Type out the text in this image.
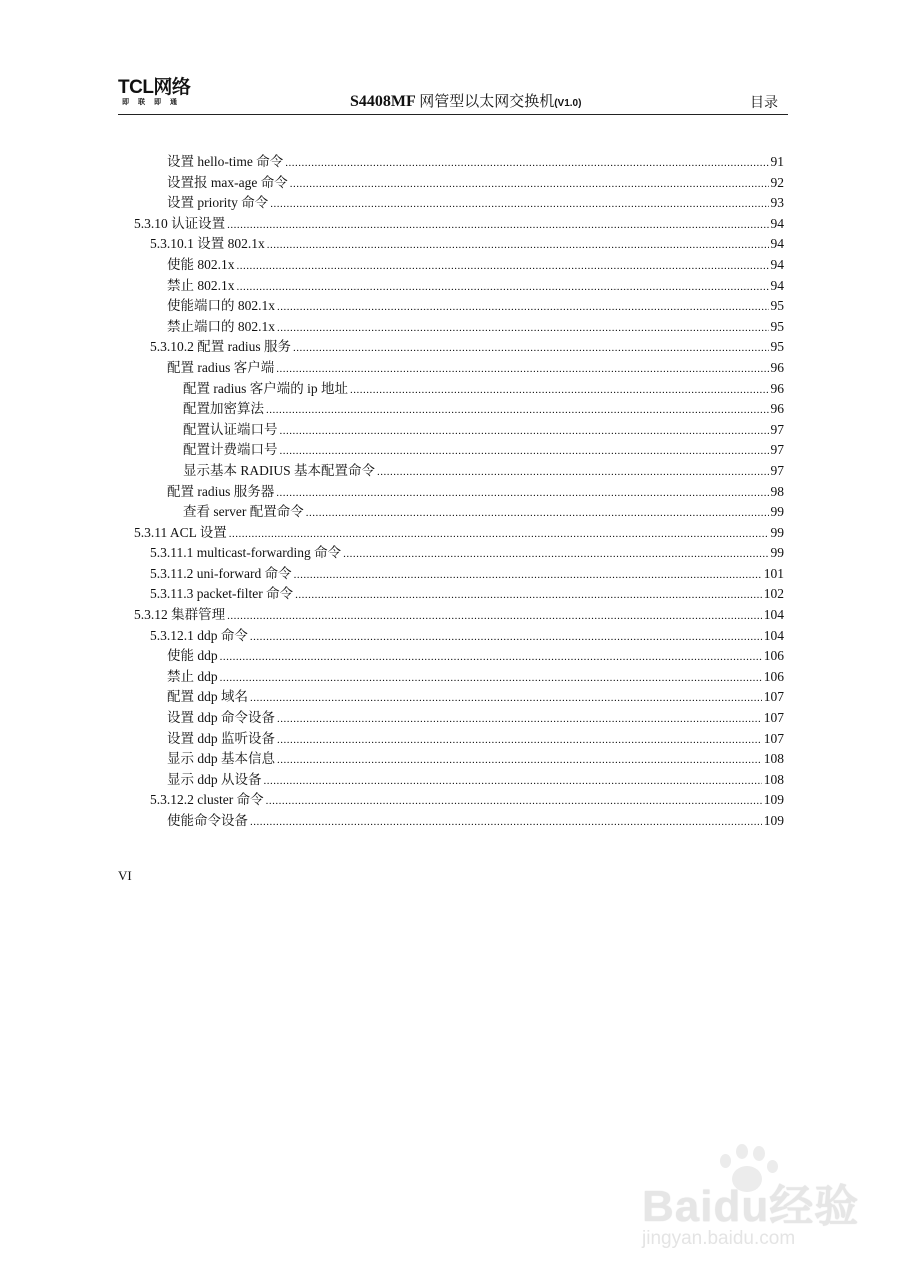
TCL网络
即联即通	S4408MF 网管型以太网交换机(V1.0)	目录
设置 hello-time 命令 .....	91
设置报 max-age 命令 .....	92
设置 priority 命令 .....	93
5.3.10 认证设置 .....	94
5.3.10.1 设置 802.1x .....	94
使能 802.1x .....	94
禁止 802.1x .....	94
使能端口的 802.1x .....	95
禁止端口的 802.1x .....	95
5.3.10.2 配置 radius 服务 .....	95
配置 radius 客户端 .....	96
配置 radius 客户端的 ip 地址 .....	96
配置加密算法 .....	96
配置认证端口号 .....	97
配置计费端口号 .....	97
显示基本 RADIUS 基本配置命令 .....	97
配置 radius 服务器 .....	98
查看 server 配置命令 .....	99
5.3.11 ACL 设置 .....	99
5.3.11.1 multicast-forwarding 命令 .....	99
5.3.11.2 uni-forward 命令 .....	101
5.3.11.3 packet-filter 命令 .....	102
5.3.12 集群管理 .....	104
5.3.12.1 ddp 命令 .....	104
使能 ddp .....	106
禁止 ddp .....	106
配置 ddp 域名 .....	107
设置 ddp 命令设备 .....	107
设置 ddp 监听设备 .....	107
显示 ddp 基本信息 .....	108
显示 ddp 从设备 .....	108
5.3.12.2 cluster 命令 .....	109
使能命令设备 .....	109
VI
Baidu经验
jingyan.baidu.com
